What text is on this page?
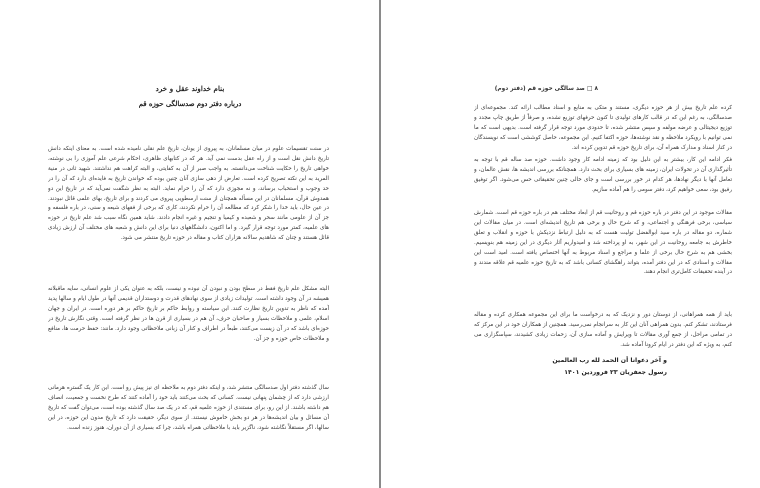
بنام خداوند عقل و خرد
درباره دفتر دوم صدسالگی حوزه قم

در سنت تقسیمات علوم در میان مسلمانان، به پیروی از یونان، تاریخ علم نقلی نامیده شده است. به معنای اینکه دانش تاریخ دانش نقل است و از راه عقل بدست نمی آید. هر که در کتابهای ظاهری، احکام شرعی علم آموزی را بی نوشته، خواهی تاریخ را حکایت شناخت می‌دانسته. به واجب صبر از آن به کفایتی، و البته کراهت هم نداشتند. شهید ثانی در منیة المرید به این نکته تصریح کرده است. تعارض از دهی سازی آنان چنین بوده که خواندن تاریخ به فایده‌ای دارد که آن را در حد وجوب و استحباب برساند، و نه مجوزی دارد که آن را حرام نماید. البته به نظر شگفت نمی‌آید که در تاریخ این دو همدوش قرآن، مسلمانان در این مسأله همچنان از سنت ارسطویی پیروی می کردند و برای تاریخ، بهای علمی قائل نبودند. در عین حال، باید خدا را شکر کرد که مطالعه آن را حرام نکردند، کاری که برخی از فقهای شیعه و سنی، در باره فلسفه و جز آن از علومی مانند سحر و شعبده و کیمیا و تنجیم و غیره انجام دادند. شاید همین نگاه سبب شد علم تاریخ در حوزه های علمیه، کمتر مورد توجه قرار گیرد. و اما اکنون، دانشگاههای دنیا برای این دانش و شعبه های مختلف آن ارزش زیادی قائل هستند و چنان که شاهدیم سالانه هزاران کتاب و مقاله در حوزه تاریخ منتشر می شود.

البته مشکل علم تاریخ فقط در سطح بودن و نبودن آن نبوده و نیست، بلکه به عنوان یکی از علوم انسانی، سایه ماقبلانه همیشه در آن وجود داشته است. تولیدات زیادی از سوی نهادهای قدرت و دوستداران قدیمی آنها در طول ایام و سالها پدید آمده که ناظر به تدوین تاریخ نظارت کنند. این سیاسته و روابط حاکم بر تاریخ حاکم بر هر دوره است. در ایران و جهان اسلام، علمی و ملاحظات بسیار و صاحبان حرف، آن هم در بسیاری از قرن ها در نظر گرفته است. وقتی نگارش تاریخ در حوزه‌ای باشد که در آن زیست می‌کنند، طبعاً در اطراف و کنار آن زبانی ملاحظاتی وجود دارد. مانند: حفظ حرمت ها، منافع و ملاحظات خاص حوزه و جز آن.

سال گذشته دفتر اول صدسالگی منتشر شد، و اینکه دفتر دوم به ملاحظه ای نیز پیش رو است. این کار یک گستره هرمانی ارزشی دارد که از چشمان پنهانی نیست. کسانی که بحث می‌کنند باید خود را آماده کنند که طرح نخست و جمعیت، انصاف هم داشته باشند. از این رو، برای مستندی از حوزه علمیه قم، که در یک صد سال گذشته بوده است، می‌توان گفت که تاریخ آن مسائل و بیان اندیشه‌ها در هر دو بخش خاموش نیستند. از سوی دیگر، حقیقت دارد که تاریخ مدون این حوزه، در این سالها، اگر مستقلاً نگاشته شود، ناگزیر باید با ملاحظاتی همراه باشد، چرا که بسیاری از آن دوران، هنوز زنده است.

۸ □ صد سالگی حوزه قم (دفتر دوم)

کرده علم تاریخ بیش از هر حوزه دیگری، مستند و متکی به منابع و اسناد مطالب ارائه کند. مجموعه‌ای از صدسالگی، به رغم این که در قالب کارهای تولیدی تا کنون حرفهای توزیع نشده، و صرفاً از طریق چاپ مجدد و توزیع دیجیتالی و عرضه مولفه و سپس منتشر شده، تا حدودی مورد توجه قرار گرفته است. بدیهی است که ما نمی توانیم با رویکرد ملاحظه و نقد نوشته‌ها، حوزه اکتفا کنیم. این مجموعه، حاصل کوششی است که نویسندگان در کنار اسناد و مدارک همراه آن، برای تاریخ حوزه قم تدوین کرده اند.

فکر ادامه این کار، بیشتر به این دلیل بود که زمینه ادامه کار وجود داشت. حوزه صد ساله قم با توجه به تأثیرگذاری آن در تحولات ایران، زمینه های بسیاری برای بحث دارد. همچنانکه بررسی اندیشه ها، نقش عالمان، و تعامل آنها با دیگر نهادها، هر کدام در خور بررسی است و جای خالی چنین تحقیقاتی حس می‌شود. اگر توفیق رفیق بود، سعی خواهیم کرد، دفتر سومی را هم آماده سازیم.

مقالات موجود در این دفتر در باره حوزه قم و روحانیت قم از ابعاد مختلف هم در باره حوزه قم است. شمارش سیاسی، برخی فرهنگی و اجتماعی، و که شرح حال و برخی هم تاریخ اندیشه‌ای است. در میان مقالات این شماره، دو مقاله در باره سید ابوالفضل تولیت هست که به دلیل ارتباط نزدیکش با حوزه و انقلاب و تعلق خاطرش به جامعه روحانیت در این شهر، به او پرداخته شد و امیدواریم آثار دیگری در این زمینه هم بنویسیم. بخشی هم به شرح حال برخی از علما و مراجع و اسناد مربوط به آنها اختصاص یافته است. امید است این مقالات و اسنادی که در این دفتر آمده، بتواند راهگشای کسانی باشد که به تاریخ حوزه علمیه قم علاقه مندند و در آینده تحقیقات کامل‌تری انجام دهند.

باید از همه همراهانی، از دوستان دور و نزدیک که به درخواست ما برای این مجموعه همکاری کرده و مقاله فرستادند، تشکر کنم. بدون همراهی آنان این کار به سرانجام نمی‌رسید. همچنین از همکاران خود در این مرکز که در تمامی مراحل، از جمع آوری مقالات تا ویرایش و آماده سازی آن، زحمات زیادی کشیدند، سپاسگزاری می کنم، به ویژه که این دفتر در ایام کرونا آماده شد.

و آخر دعوانا أن الحمد لله رب العالمین
رسول جعفریان ۲۳ فروردین ۱۴۰۱
